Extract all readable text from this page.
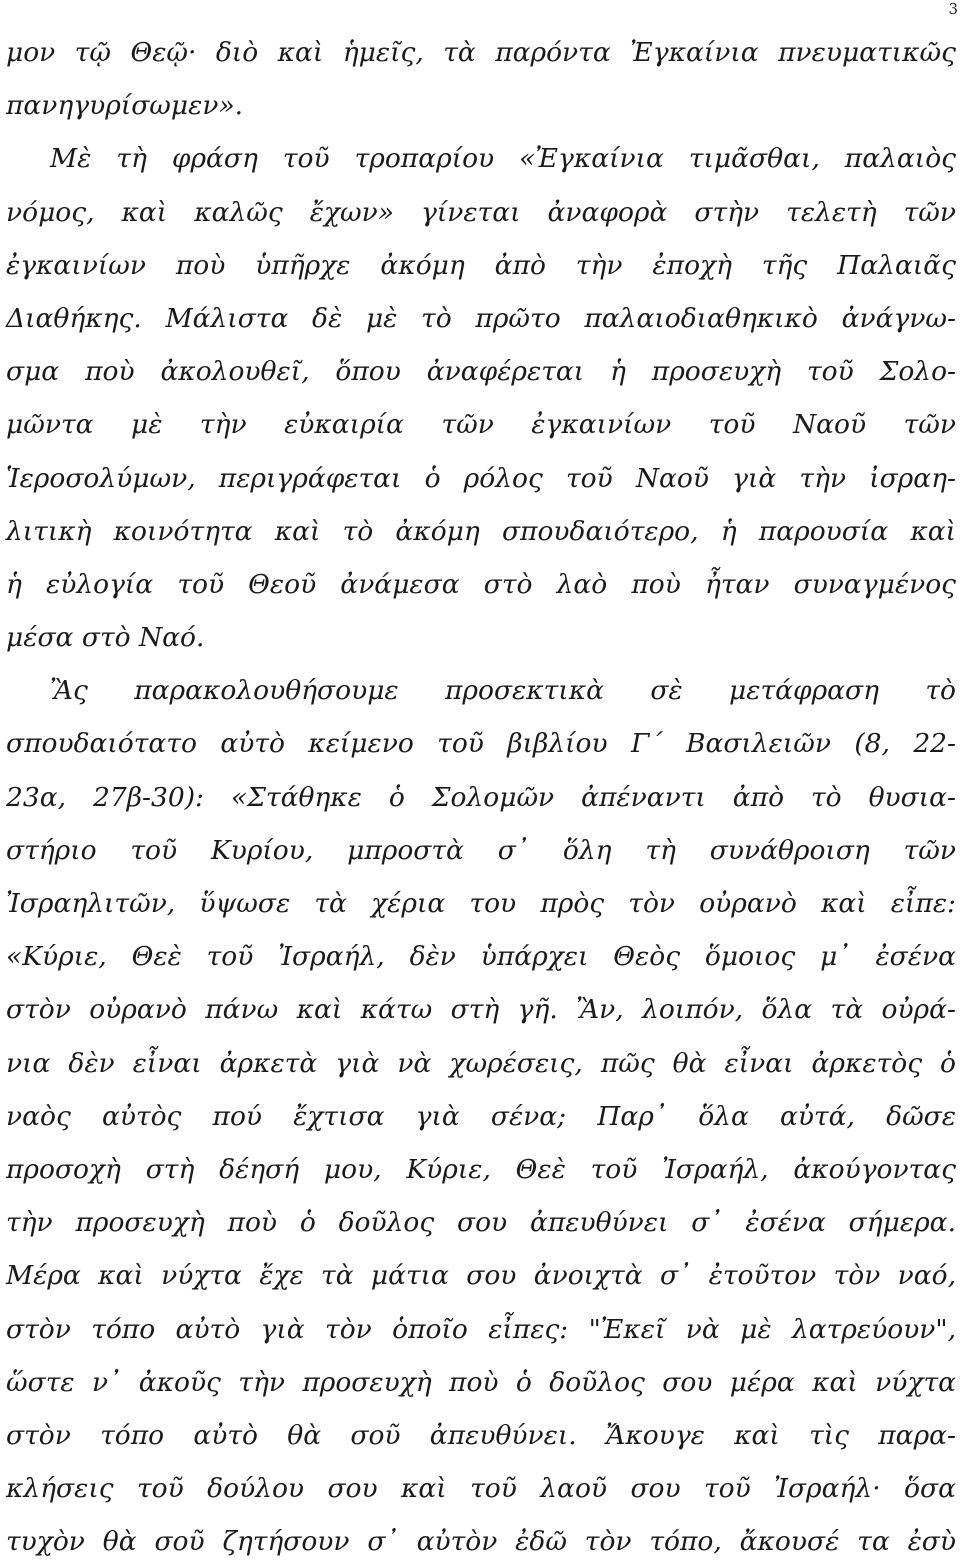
3
μον τῷ Θεῷ· διὸ καὶ ἡμεῖς, τὰ παρόντα Ἐγκαίνια πνευματικῶς
πανηγυρίσωμεν».
Μὲ τὴ φράση τοῦ τροπαρίου «Ἐγκαίνια τιμᾶσθαι, παλαιὸς
νόμος, καὶ καλῶς ἔχων» γίνεται ἀναφορὰ στὴν τελετὴ τῶν
ἐγκαινίων ποὺ ὑπῆρχε ἀκόμη ἀπὸ τὴν ἐποχὴ τῆς Παλαιᾶς
Διαθήκης. Μάλιστα δὲ μὲ τὸ πρῶτο παλαιοδιαθηκικὸ ἀνάγνω-
σμα ποὺ ἀκολουθεῖ, ὅπου ἀναφέρεται ἡ προσευχὴ τοῦ Σολο-
μῶντα μὲ τὴν εὐκαιρία τῶν ἐγκαινίων τοῦ Ναοῦ τῶν
Ἱεροσολύμων, περιγράφεται ὁ ρόλος τοῦ Ναοῦ γιὰ τὴν ἰσραη-
λιτικὴ κοινότητα καὶ τὸ ἀκόμη σπουδαιότερο, ἡ παρουσία καὶ
ἡ εὐλογία τοῦ Θεοῦ ἀνάμεσα στὸ λαὸ ποὺ ἦταν συναγμένος
μέσα στὸ Ναό.
Ἂς παρακολουθήσουμε προσεκτικὰ σὲ μετάφραση τὸ
σπουδαιότατο αὐτὸ κείμενο τοῦ βιβλίου Γ΄ Βασιλειῶν (8, 22-
23α, 27β-30): «Στάθηκε ὁ Σολομῶν ἀπέναντι ἀπὸ τὸ θυσια-
στήριο τοῦ Κυρίου, μπροστὰ σ᾽ ὅλη τὴ συνάθροιση τῶν
Ἰσραηλιτῶν, ὕψωσε τὰ χέρια του πρὸς τὸν οὐρανὸ καὶ εἶπε:
«Κύριε, Θεὲ τοῦ Ἰσραήλ, δὲν ὑπάρχει Θεὸς ὅμοιος μ᾽ ἐσένα
στὸν οὐρανὸ πάνω καὶ κάτω στὴ γῆ. Ἂν, λοιπόν, ὅλα τὰ οὐρά-
νια δὲν εἶναι ἀρκετὰ γιὰ νὰ χωρέσεις, πῶς θὰ εἶναι ἀρκετὸς ὁ
ναὸς αὐτὸς πού ἔχτισα γιὰ σένα; Παρ᾽ ὅλα αὐτά, δῶσε
προσοχὴ στὴ δέησή μου, Κύριε, Θεὲ τοῦ Ἰσραήλ, ἀκούγοντας
τὴν προσευχὴ ποὺ ὁ δοῦλος σου ἀπευθύνει σ᾽ ἐσένα σήμερα.
Μέρα καὶ νύχτα ἔχε τὰ μάτια σου ἀνοιχτὰ σ᾽ ἐτοῦτον τὸν ναό,
στὸν τόπο αὐτὸ γιὰ τὸν ὁποῖο εἶπες: "Ἐκεῖ νὰ μὲ λατρεύουν",
ὥστε ν᾽ ἀκοῦς τὴν προσευχὴ ποὺ ὁ δοῦλος σου μέρα καὶ νύχτα
στὸν τόπο αὐτὸ θὰ σοῦ ἀπευθύνει. Ἄκουγε καὶ τὶς παρα-
κλήσεις τοῦ δούλου σου καὶ τοῦ λαοῦ σου τοῦ Ἰσραήλ· ὅσα
τυχὸν θὰ σοῦ ζητήσουν σ᾽ αὐτὸν ἐδῶ τὸν τόπο, ἄκουσέ τα ἐσὺ
